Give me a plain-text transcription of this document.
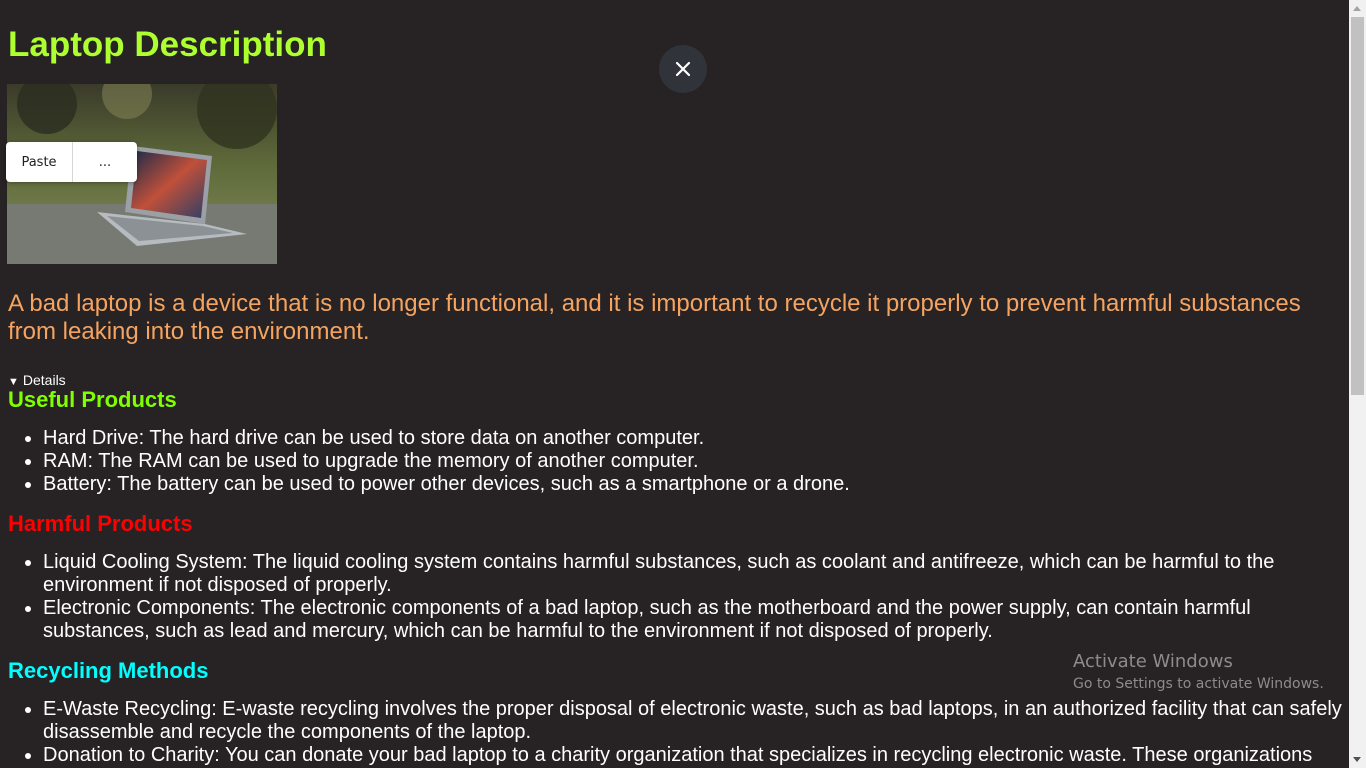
Laptop Description

A bad laptop is a device that is no longer functional, and it is important to recycle it properly to prevent harmful substances from leaking into the environment.

▼ Details
Useful Products
• Hard Drive: The hard drive can be used to store data on another computer.
• RAM: The RAM can be used to upgrade the memory of another computer.
• Battery: The battery can be used to power other devices, such as a smartphone or a drone.
Harmful Products
• Liquid Cooling System: The liquid cooling system contains harmful substances, such as coolant and antifreeze, which can be harmful to the environment if not disposed of properly.
• Electronic Components: The electronic components of a bad laptop, such as the motherboard and the power supply, can contain harmful substances, such as lead and mercury, which can be harmful to the environment if not disposed of properly.
Recycling Methods
• E-Waste Recycling: E-waste recycling involves the proper disposal of electronic waste, such as bad laptops, in an authorized facility that can safely disassemble and recycle the components of the laptop.
• Donation to Charity: You can donate your bad laptop to a charity organization that specializes in recycling electronic waste. These organizations
Paste	...
Activate Windows
Go to Settings to activate Windows.
